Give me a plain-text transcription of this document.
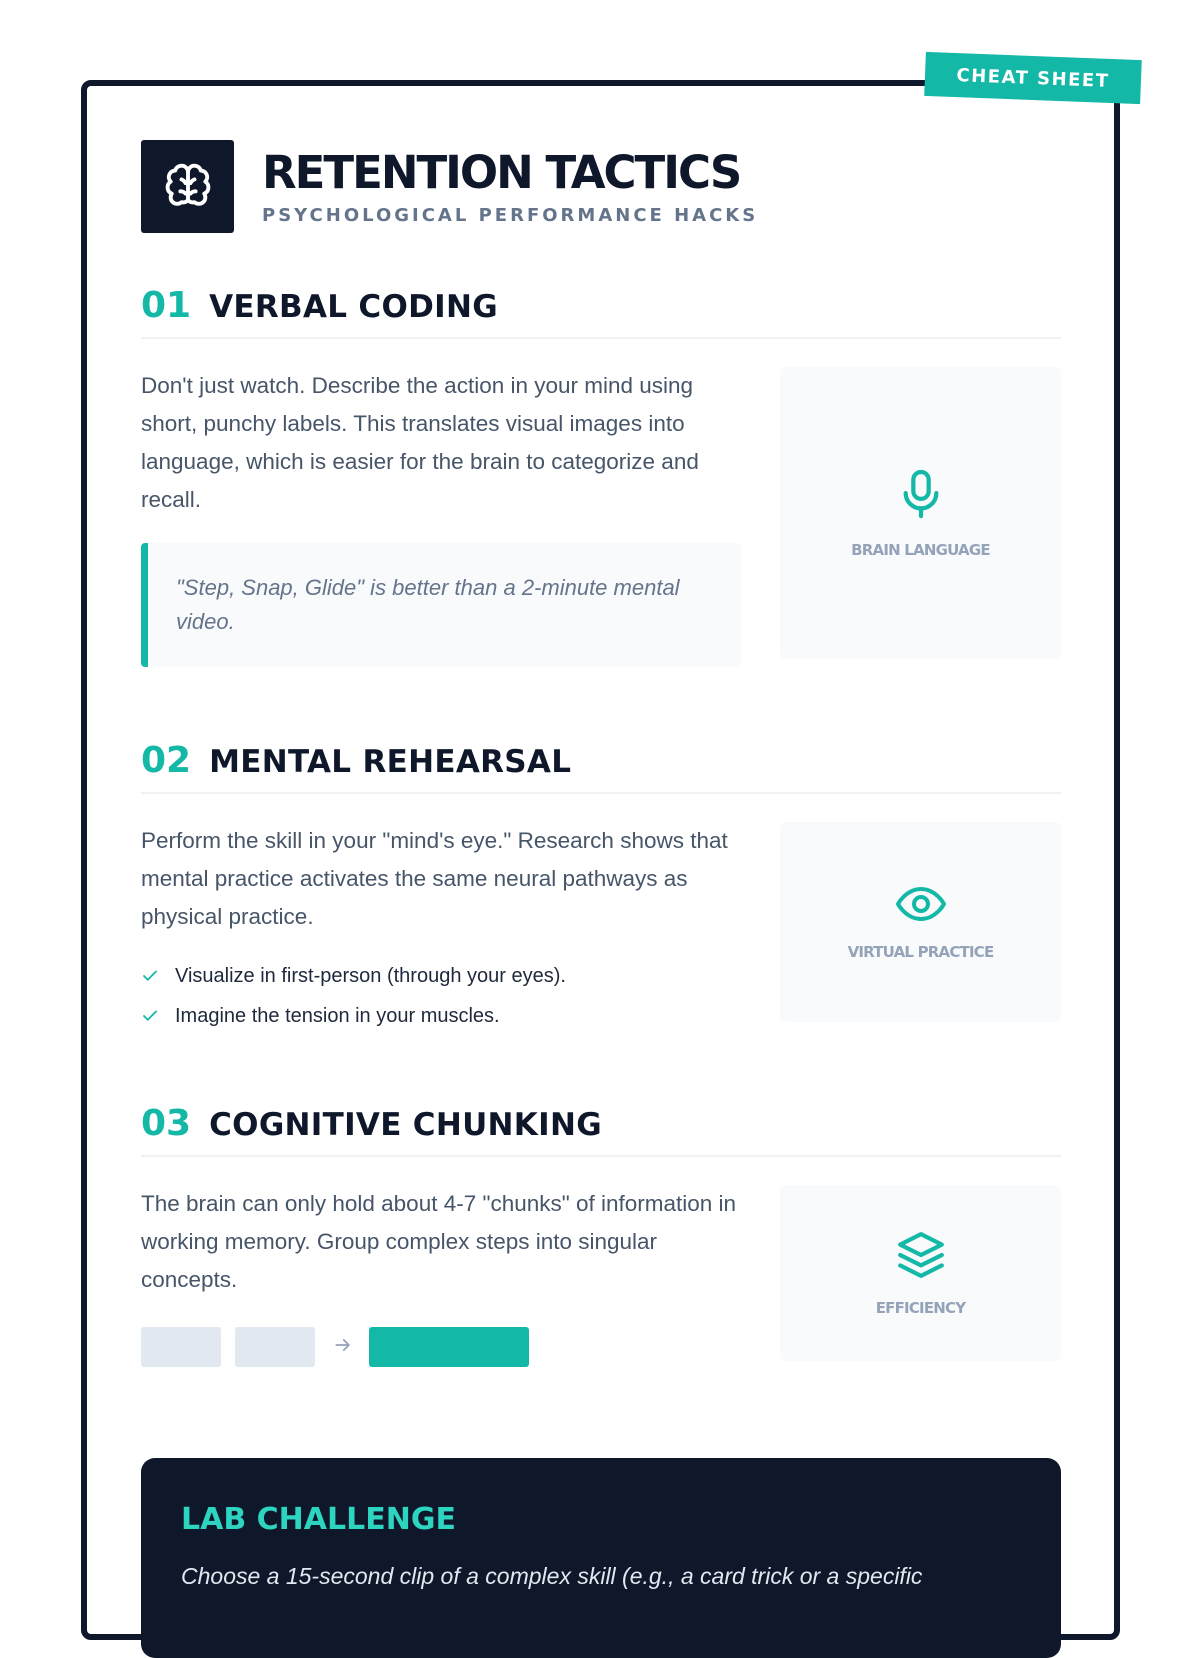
CHEAT SHEET
RETENTION TACTICS
PSYCHOLOGICAL PERFORMANCE HACKS
01 VERBAL CODING

Don't just watch. Describe the action in your mind using short, punchy labels. This translates visual images into language, which is easier for the brain to categorize and recall.

"Step, Snap, Glide" is better than a 2-minute mental video.
BRAIN LANGUAGE
02 MENTAL REHEARSAL

Perform the skill in your "mind's eye." Research shows that mental practice activates the same neural pathways as physical practice.

Visualize in first-person (through your eyes).
Imagine the tension in your muscles.
VIRTUAL PRACTICE
03 COGNITIVE CHUNKING

The brain can only hold about 4-7 "chunks" of information in working memory. Group complex steps into singular concepts.

EFFICIENCY
LAB CHALLENGE
Choose a 15-second clip of a complex skill (e.g., a card trick or a specific
